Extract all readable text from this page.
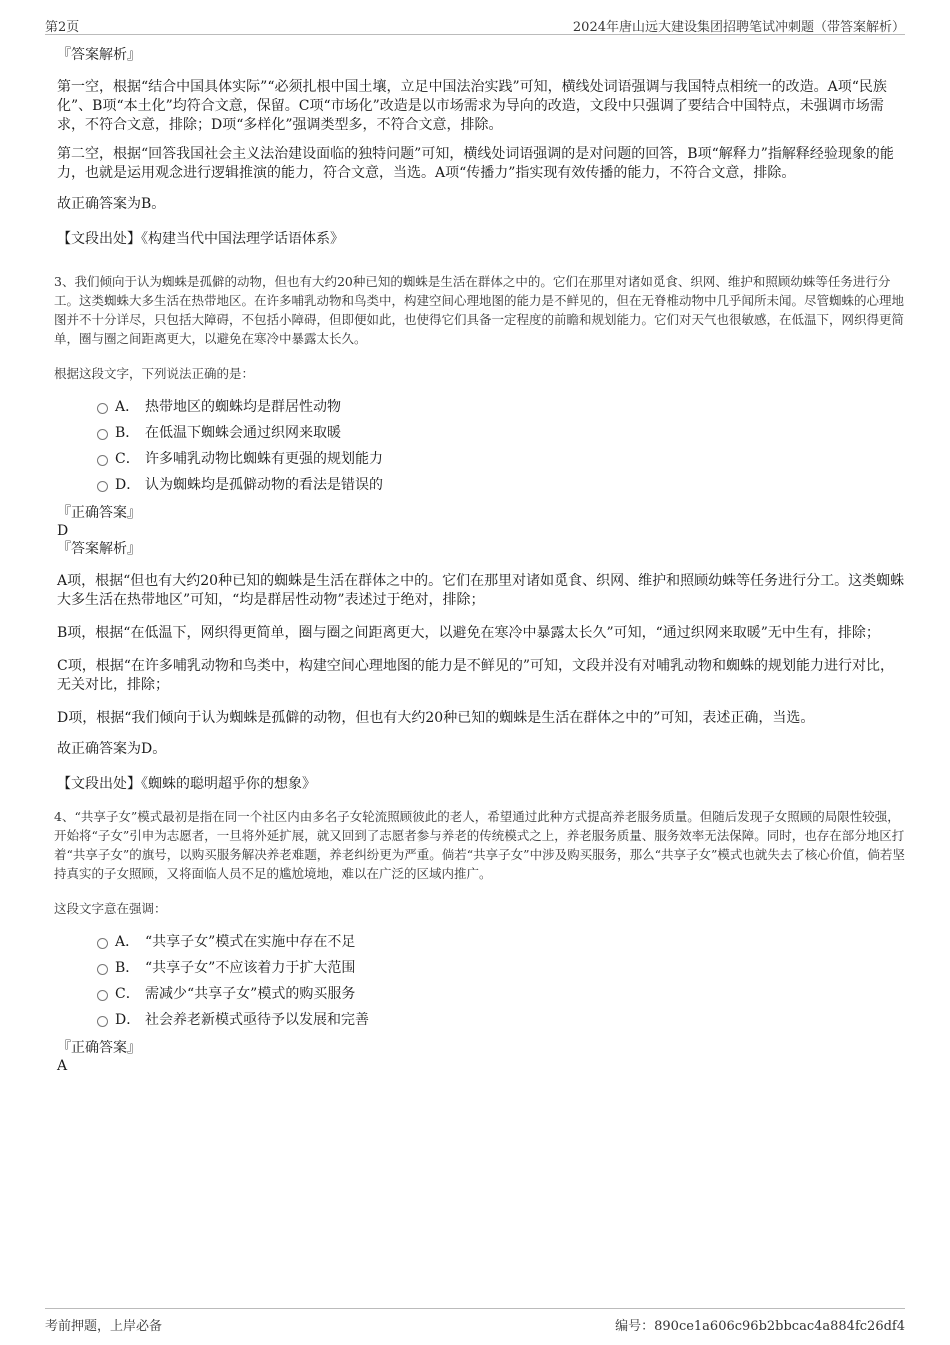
第2页	2024年唐山远大建设集团招聘笔试冲刺题（带答案解析）

『答案解析』

第一空，根据“结合中国具体实际”“必须扎根中国土壤，立足中国法治实践”可知，横线处词语强调与我国特点相统一的改造。A项“民族化”、B项“本土化”均符合文意，保留。C项“市场化”改造是以市场需求为导向的改造，文段中只强调了要结合中国特点，未强调市场需求，不符合文意，排除；D项“多样化”强调类型多，不符合文意，排除。

第二空，根据“回答我国社会主义法治建设面临的独特问题”可知，横线处词语强调的是对问题的回答，B项“解释力”指解释经验现象的能力，也就是运用观念进行逻辑推演的能力，符合文意，当选。A项“传播力”指实现有效传播的能力，不符合文意，排除。

故正确答案为B。

【文段出处】《构建当代中国法理学话语体系》

3、我们倾向于认为蜘蛛是孤僻的动物，但也有大约20种已知的蜘蛛是生活在群体之中的。它们在那里对诸如觅食、织网、维护和照顾幼蛛等任务进行分工。这类蜘蛛大多生活在热带地区。在许多哺乳动物和鸟类中，构建空间心理地图的能力是不鲜见的，但在无脊椎动物中几乎闻所未闻。尽管蜘蛛的心理地图并不十分详尽，只包括大障碍，不包括小障碍，但即便如此，也使得它们具备一定程度的前瞻和规划能力。它们对天气也很敏感，在低温下，网织得更简单，圈与圈之间距离更大，以避免在寒冷中暴露太长久。

根据这段文字，下列说法正确的是：

A． 热带地区的蜘蛛均是群居性动物
B． 在低温下蜘蛛会通过织网来取暖
C． 许多哺乳动物比蜘蛛有更强的规划能力
D． 认为蜘蛛均是孤僻动物的看法是错误的

『正确答案』

D

『答案解析』

A项，根据“但也有大约20种已知的蜘蛛是生活在群体之中的。它们在那里对诸如觅食、织网、维护和照顾幼蛛等任务进行分工。这类蜘蛛大多生活在热带地区”可知，“均是群居性动物”表述过于绝对，排除；

B项，根据“在低温下，网织得更简单，圈与圈之间距离更大，以避免在寒冷中暴露太长久”可知，“通过织网来取暖”无中生有，排除；

C项，根据“在许多哺乳动物和鸟类中，构建空间心理地图的能力是不鲜见的”可知，文段并没有对哺乳动物和蜘蛛的规划能力进行对比，无关对比，排除；

D项，根据“我们倾向于认为蜘蛛是孤僻的动物，但也有大约20种已知的蜘蛛是生活在群体之中的”可知，表述正确，当选。

故正确答案为D。

【文段出处】《蜘蛛的聪明超乎你的想象》

4、“共享子女”模式最初是指在同一个社区内由多名子女轮流照顾彼此的老人，希望通过此种方式提高养老服务质量。但随后发现子女照顾的局限性较强，开始将“子女”引申为志愿者，一旦将外延扩展，就又回到了志愿者参与养老的传统模式之上，养老服务质量、服务效率无法保障。同时，也存在部分地区打着“共享子女”的旗号，以购买服务解决养老难题，养老纠纷更为严重。倘若“共享子女”中涉及购买服务，那么“共享子女”模式也就失去了核心价值，倘若坚持真实的子女照顾，又将面临人员不足的尴尬境地，难以在广泛的区域内推广。

这段文字意在强调：

A． “共享子女”模式在实施中存在不足
B． “共享子女”不应该着力于扩大范围
C． 需减少“共享子女”模式的购买服务
D． 社会养老新模式亟待予以发展和完善

『正确答案』

A

考前押题，上岸必备	编号：890ce1a606c96b2bbcac4a884fc26df4
